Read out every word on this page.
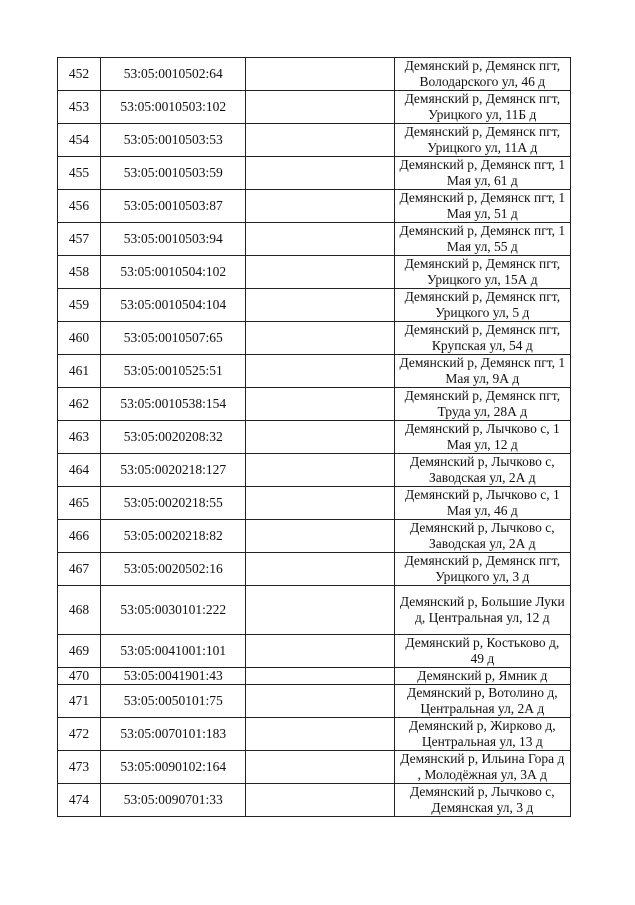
452	53:05:0010502:64		Демянский р, Демянск пгт, Володарского ул, 46 д
453	53:05:0010503:102		Демянский р, Демянск пгт, Урицкого ул, 11Б д
454	53:05:0010503:53		Демянский р, Демянск пгт, Урицкого ул, 11А д
455	53:05:0010503:59		Демянский р, Демянск пгт, 1 Мая ул, 61 д
456	53:05:0010503:87		Демянский р, Демянск пгт, 1 Мая ул, 51 д
457	53:05:0010503:94		Демянский р, Демянск пгт, 1 Мая ул, 55 д
458	53:05:0010504:102		Демянский р, Демянск пгт, Урицкого ул, 15А д
459	53:05:0010504:104		Демянский р, Демянск пгт, Урицкого ул, 5 д
460	53:05:0010507:65		Демянский р, Демянск пгт, Крупская ул, 54 д
461	53:05:0010525:51		Демянский р, Демянск пгт, 1 Мая ул, 9А д
462	53:05:0010538:154		Демянский р, Демянск пгт, Труда ул, 28А д
463	53:05:0020208:32		Демянский р, Лычково с, 1 Мая ул, 12 д
464	53:05:0020218:127		Демянский р, Лычково с, Заводская ул, 2А д
465	53:05:0020218:55		Демянский р, Лычково с, 1 Мая ул, 46 д
466	53:05:0020218:82		Демянский р, Лычково с, Заводская ул, 2А д
467	53:05:0020502:16		Демянский р, Демянск пгт, Урицкого ул, 3 д
468	53:05:0030101:222		Демянский р, Большие Луки д, Центральная ул, 12 д
469	53:05:0041001:101		Демянский р, Костьково д, 49 д
470	53:05:0041901:43		Демянский р, Ямник д
471	53:05:0050101:75		Демянский р, Вотолино д, Центральная ул, 2А д
472	53:05:0070101:183		Демянский р, Жирково д, Центральная ул, 13 д
473	53:05:0090102:164		Демянский р, Ильина Гора д , Молодёжная ул, 3А д
474	53:05:0090701:33		Демянский р, Лычково с, Демянская ул, 3 д
